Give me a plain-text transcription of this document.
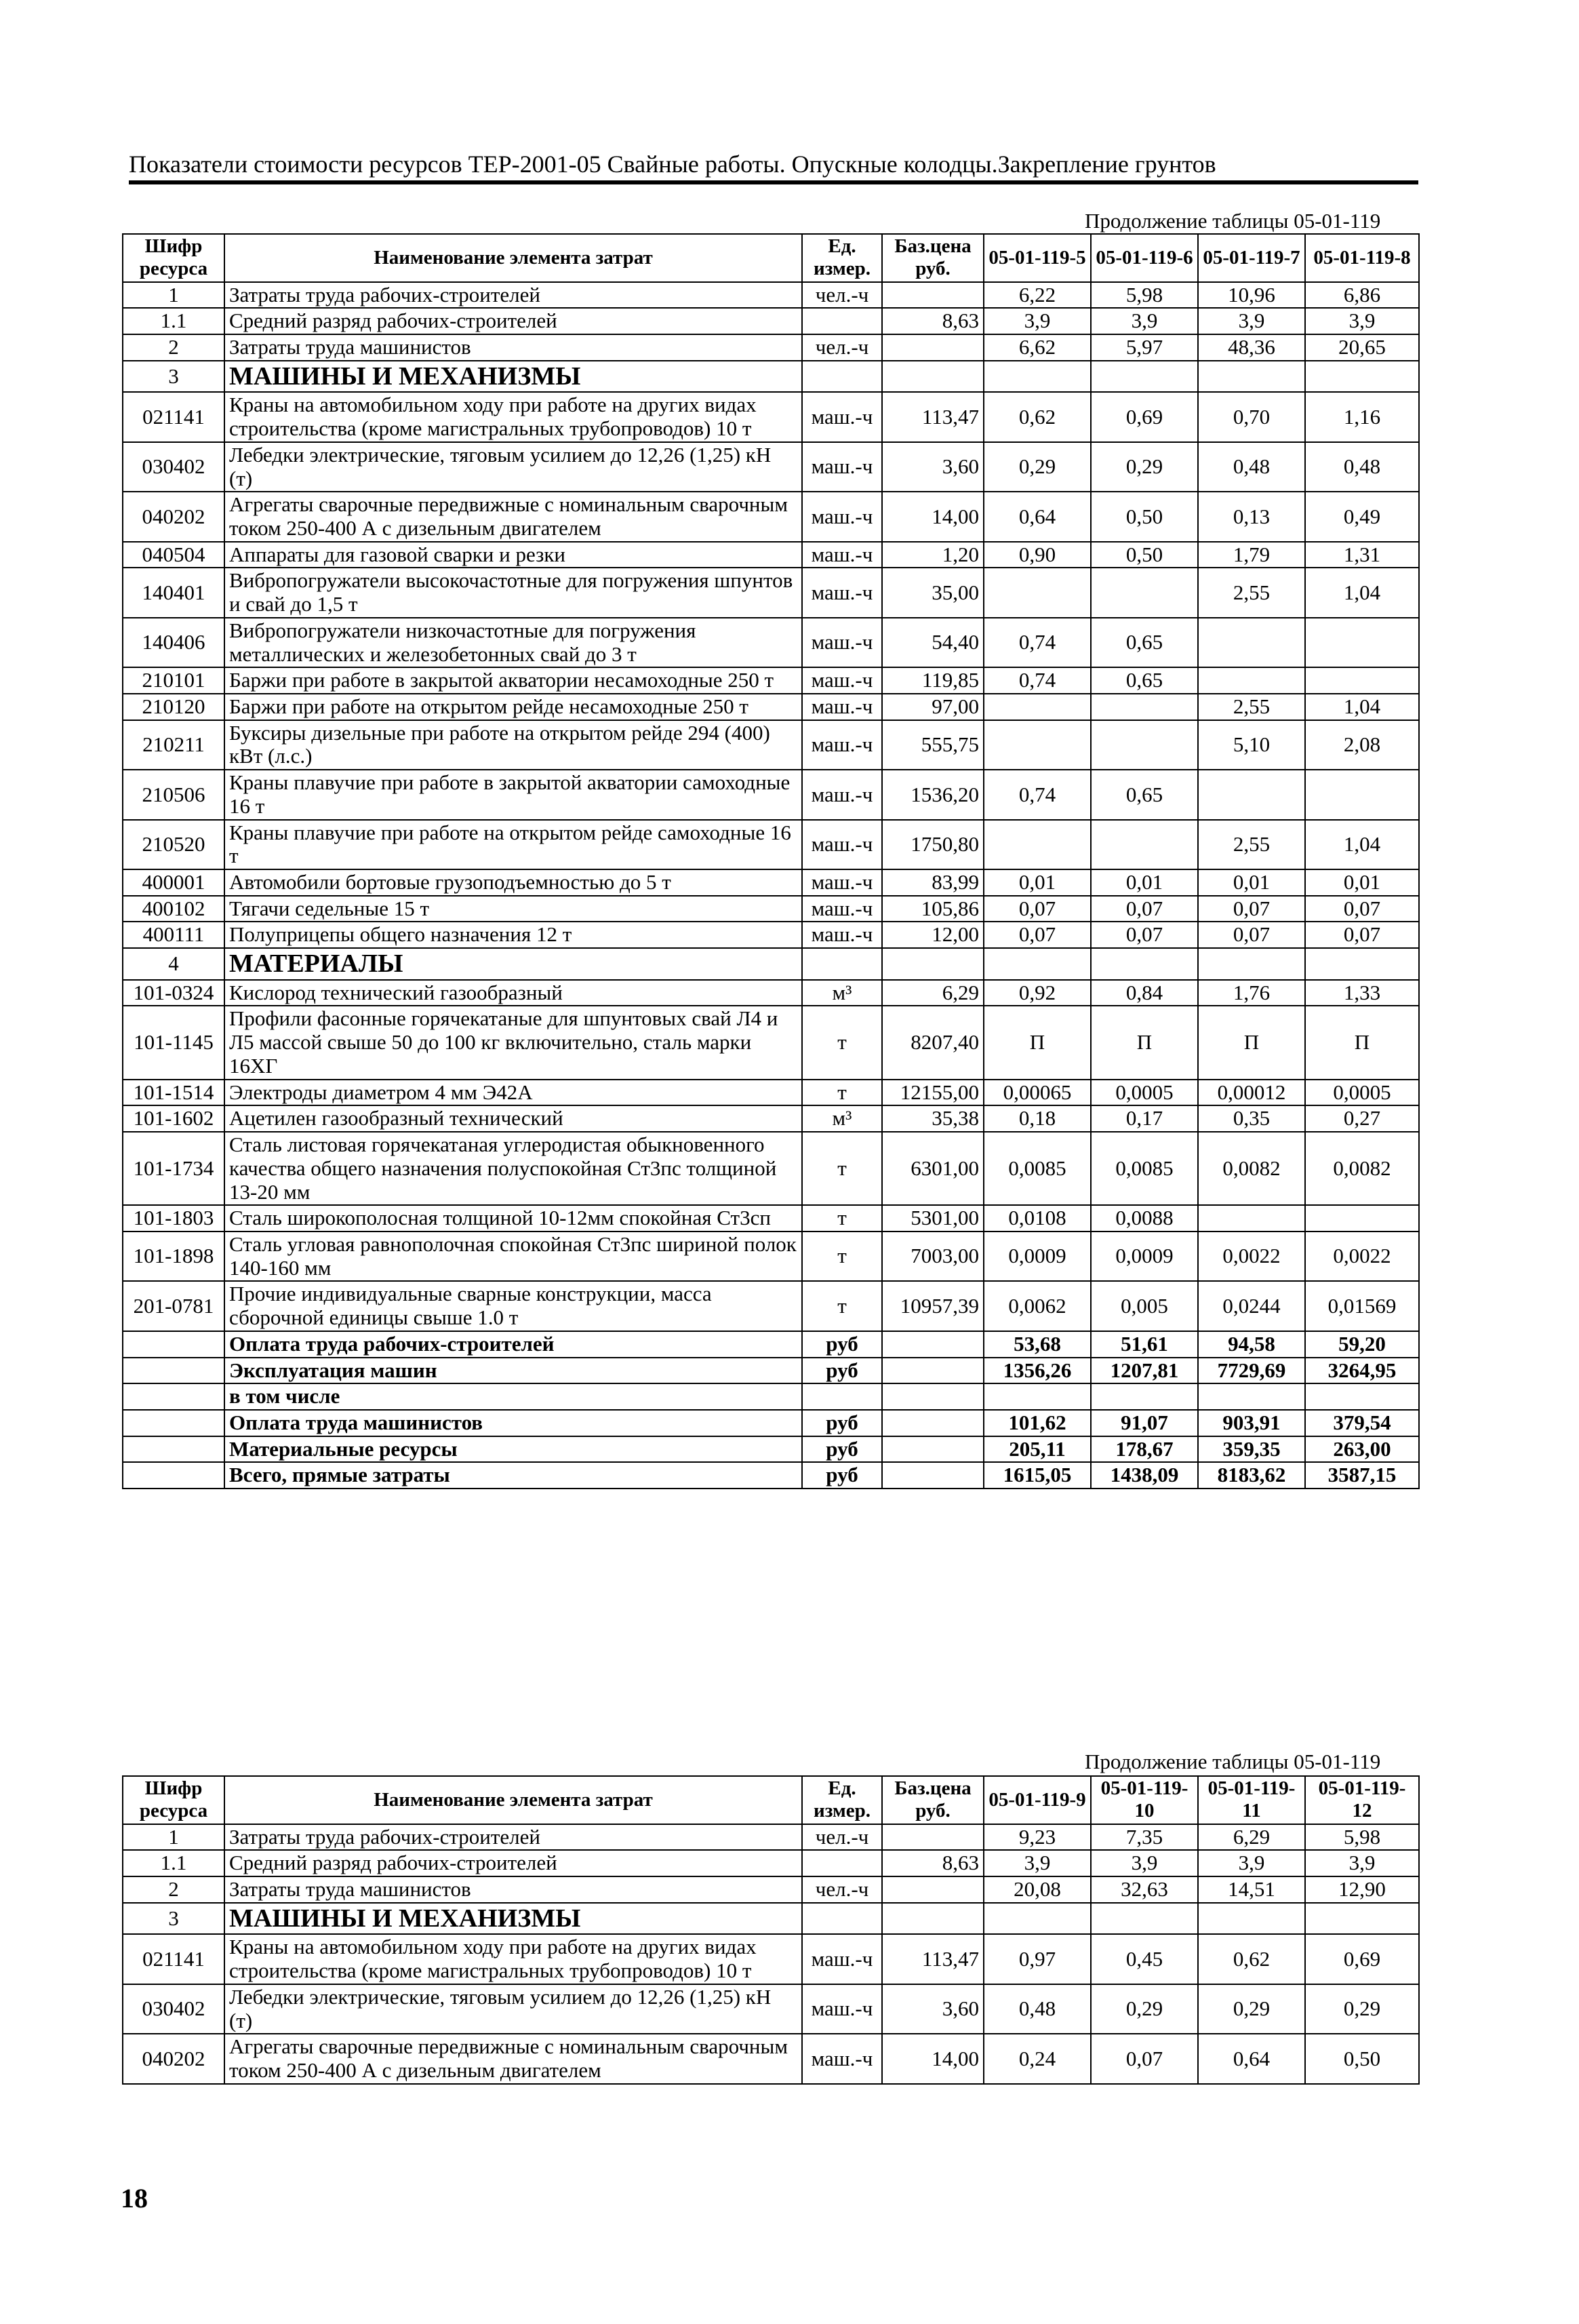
Показатели стоимости ресурсов ТЕР-2001-05 Свайные работы. Опускные колодцы.Закрепление грунтов
Продолжение таблицы 05-01-119
Шифр ресурса	Наименование элемента затрат	Ед. измер.	Баз.цена руб.	05-01-119-5	05-01-119-6	05-01-119-7	05-01-119-8
1	Затраты труда рабочих-строителей	чел.-ч		6,22	5,98	10,96	6,86
1.1	Средний разряд рабочих-строителей		8,63	3,9	3,9	3,9	3,9
2	Затраты труда машинистов	чел.-ч		6,62	5,97	48,36	20,65
3	МАШИНЫ И МЕХАНИЗМЫ						
021141	Краны на автомобильном ходу при работе на других видах строительства (кроме магистральных трубопроводов) 10 т	маш.-ч	113,47	0,62	0,69	0,70	1,16
030402	Лебедки электрические, тяговым усилием до 12,26 (1,25) кН (т)	маш.-ч	3,60	0,29	0,29	0,48	0,48
040202	Агрегаты сварочные передвижные с номинальным сварочным током 250-400 А с дизельным двигателем	маш.-ч	14,00	0,64	0,50	0,13	0,49
040504	Аппараты для газовой сварки и резки	маш.-ч	1,20	0,90	0,50	1,79	1,31
140401	Вибропогружатели высокочастотные для погружения шпунтов и свай до 1,5 т	маш.-ч	35,00			2,55	1,04
140406	Вибропогружатели низкочастотные для погружения металлических и железобетонных свай до 3 т	маш.-ч	54,40	0,74	0,65		
210101	Баржи при работе в закрытой акватории несамоходные 250 т	маш.-ч	119,85	0,74	0,65		
210120	Баржи при работе на открытом рейде несамоходные 250 т	маш.-ч	97,00			2,55	1,04
210211	Буксиры дизельные при работе на открытом рейде 294 (400) кВт (л.с.)	маш.-ч	555,75			5,10	2,08
210506	Краны плавучие при работе в закрытой акватории самоходные 16 т	маш.-ч	1536,20	0,74	0,65		
210520	Краны плавучие при работе на открытом рейде самоходные 16 т	маш.-ч	1750,80			2,55	1,04
400001	Автомобили бортовые грузоподъемностью до 5 т	маш.-ч	83,99	0,01	0,01	0,01	0,01
400102	Тягачи седельные 15 т	маш.-ч	105,86	0,07	0,07	0,07	0,07
400111	Полуприцепы общего назначения 12 т	маш.-ч	12,00	0,07	0,07	0,07	0,07
4	МАТЕРИАЛЫ						
101-0324	Кислород технический газообразный	м³	6,29	0,92	0,84	1,76	1,33
101-1145	Профили фасонные горячекатаные для шпунтовых свай Л4 и Л5 массой свыше 50 до 100 кг включительно, сталь марки 16ХГ	т	8207,40	П	П	П	П
101-1514	Электроды диаметром 4 мм Э42А	т	12155,00	0,00065	0,0005	0,00012	0,0005
101-1602	Ацетилен газообразный технический	м³	35,38	0,18	0,17	0,35	0,27
101-1734	Сталь листовая горячекатаная углеродистая обыкновенного качества общего назначения полуспокойная Ст3пс толщиной 13-20 мм	т	6301,00	0,0085	0,0085	0,0082	0,0082
101-1803	Сталь широкополосная толщиной 10-12мм спокойная Ст3сп	т	5301,00	0,0108	0,0088		
101-1898	Сталь угловая равнополочная спокойная Ст3пс шириной полок 140-160 мм	т	7003,00	0,0009	0,0009	0,0022	0,0022
201-0781	Прочие индивидуальные сварные конструкции, масса сборочной единицы свыше 1.0 т	т	10957,39	0,0062	0,005	0,0244	0,01569
	Оплата труда рабочих-строителей	руб		53,68	51,61	94,58	59,20
	Эксплуатация машин	руб		1356,26	1207,81	7729,69	3264,95
	в том числе						
	Оплата труда машинистов	руб		101,62	91,07	903,91	379,54
	Материальные ресурсы	руб		205,11	178,67	359,35	263,00
	Всего, прямые затраты	руб		1615,05	1438,09	8183,62	3587,15
Продолжение таблицы 05-01-119
Шифр ресурса	Наименование элемента затрат	Ед. измер.	Баз.цена руб.	05-01-119-9	05-01-119-10	05-01-119-11	05-01-119-12
1	Затраты труда рабочих-строителей	чел.-ч		9,23	7,35	6,29	5,98
1.1	Средний разряд рабочих-строителей		8,63	3,9	3,9	3,9	3,9
2	Затраты труда машинистов	чел.-ч		20,08	32,63	14,51	12,90
3	МАШИНЫ И МЕХАНИЗМЫ						
021141	Краны на автомобильном ходу при работе на других видах строительства (кроме магистральных трубопроводов) 10 т	маш.-ч	113,47	0,97	0,45	0,62	0,69
030402	Лебедки электрические, тяговым усилием до 12,26 (1,25) кН (т)	маш.-ч	3,60	0,48	0,29	0,29	0,29
040202	Агрегаты сварочные передвижные с номинальным сварочным током 250-400 А с дизельным двигателем	маш.-ч	14,00	0,24	0,07	0,64	0,50
18
